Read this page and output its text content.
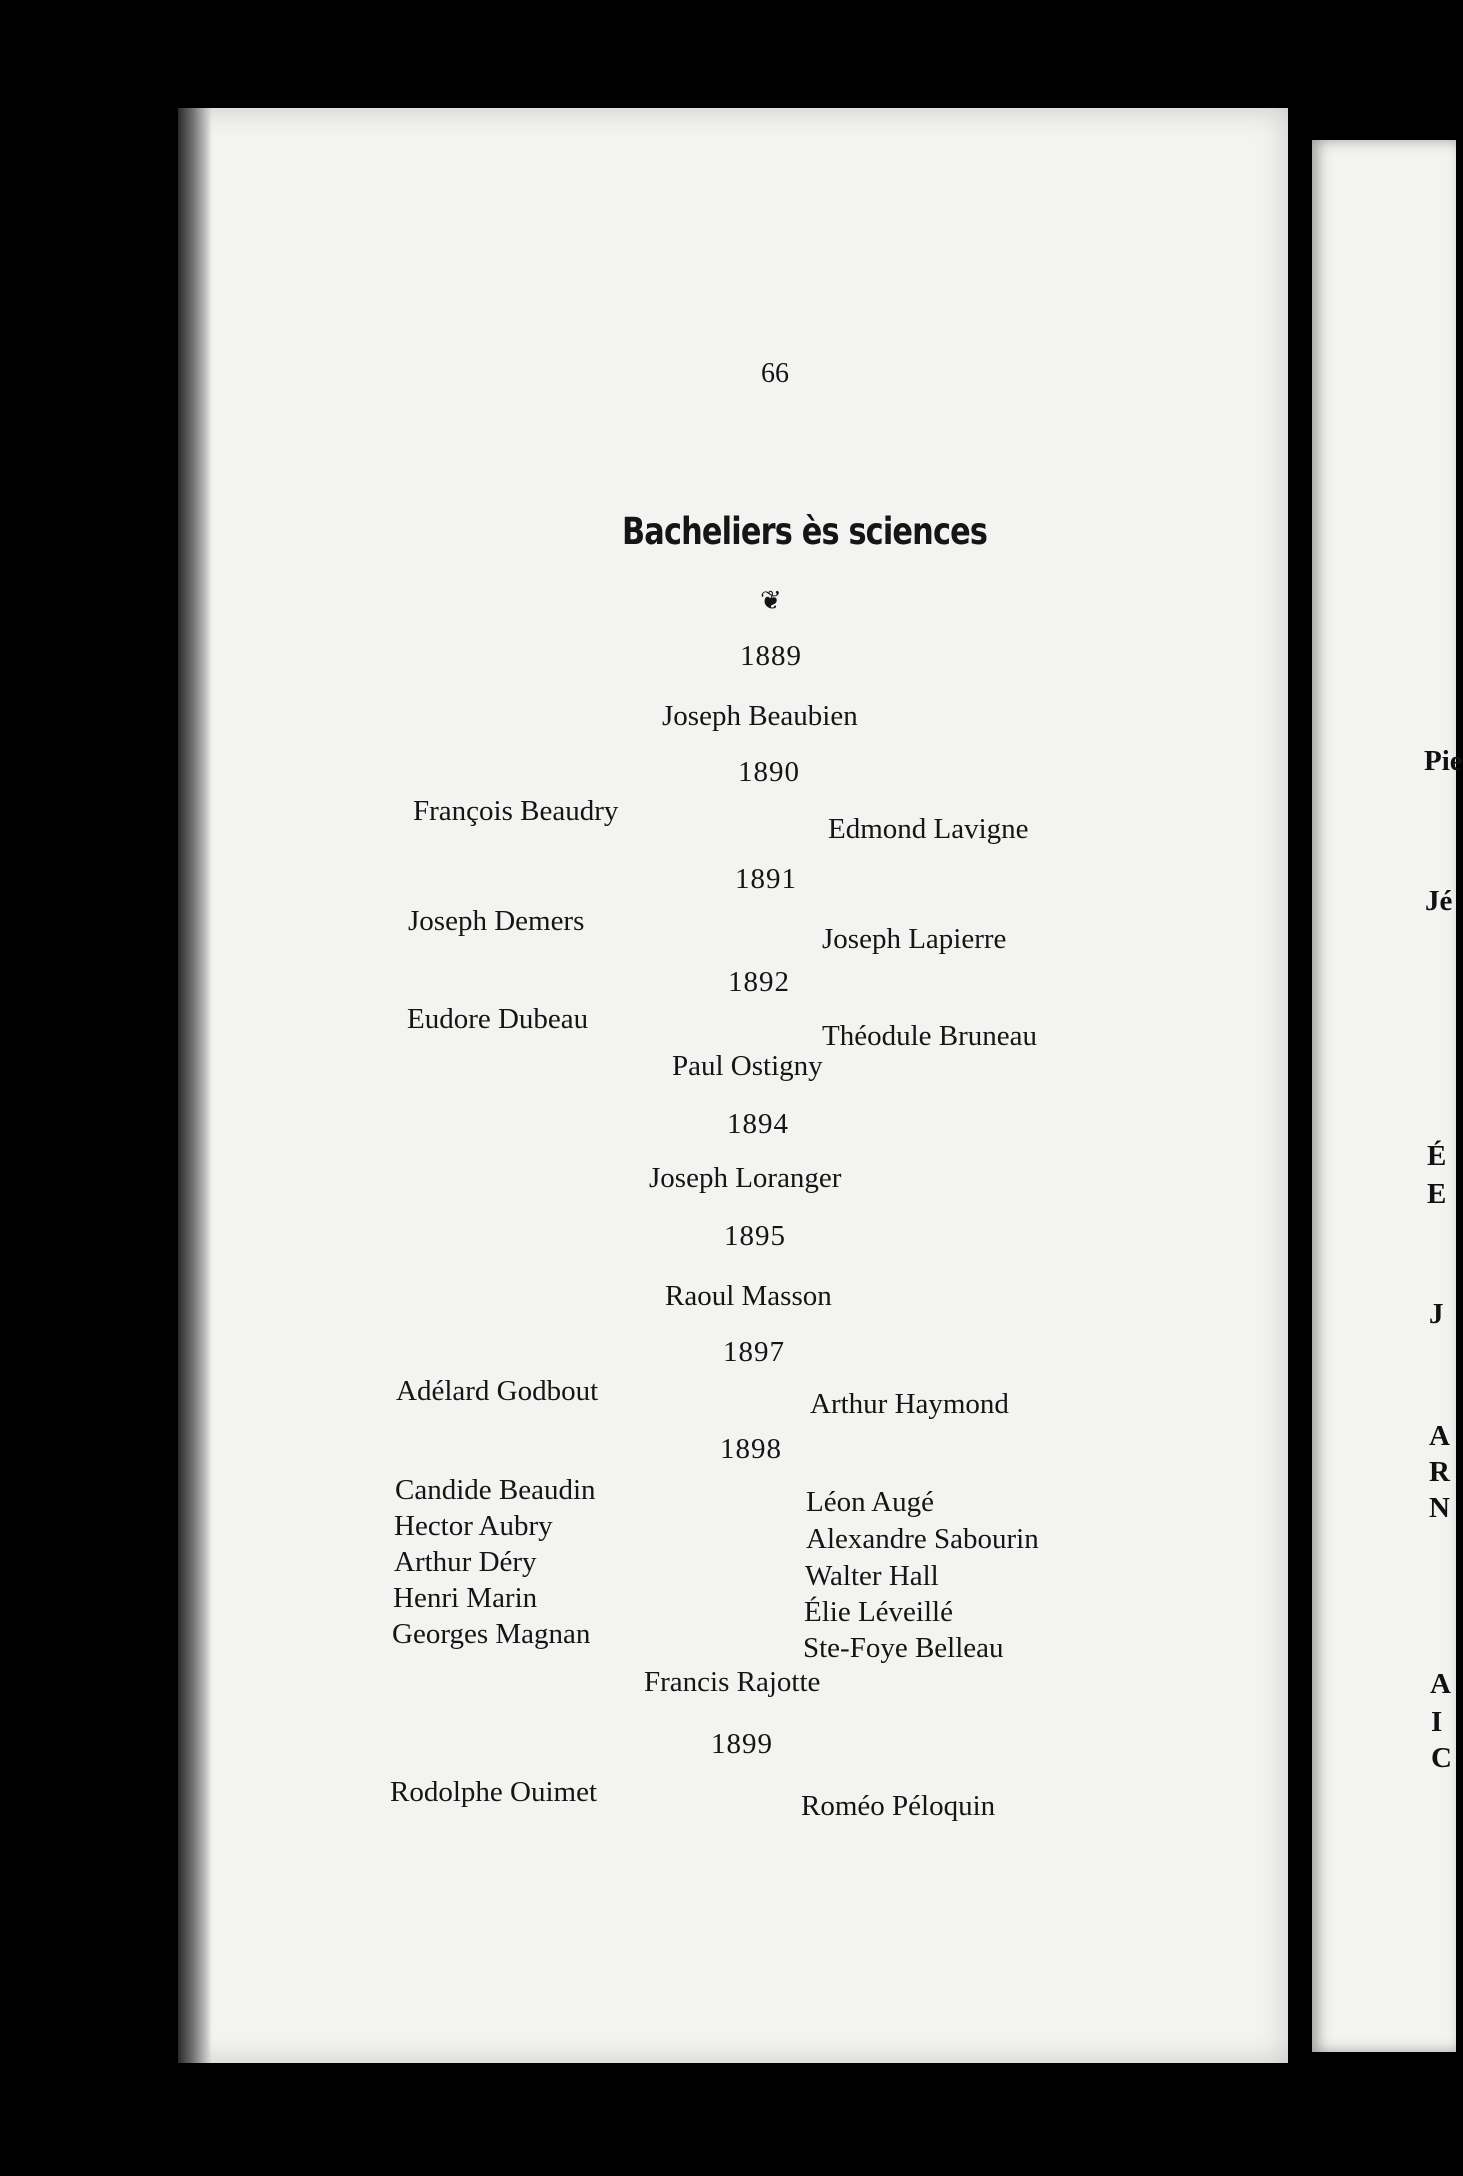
Pie
Jé
É
E
J
A
R
N
A
I
C
66
Bacheliers ès sciences
❦
1889
Joseph Beaubien
1890
François Beaudry
Edmond Lavigne
1891
Joseph Demers
Joseph Lapierre
1892
Eudore Dubeau
Théodule Bruneau
Paul Ostigny
1894
Joseph Loranger
1895
Raoul Masson
1897
Adélard Godbout	Arthur Haymond
1898
Candide Beaudin
Hector Aubry
Arthur Déry
Henri Marin
Georges Magnan
Léon Augé
Alexandre Sabourin
Walter Hall
Élie Léveillé
Ste-Foye Belleau
Francis Rajotte
1899
Rodolphe Ouimet	Roméo Péloquin
